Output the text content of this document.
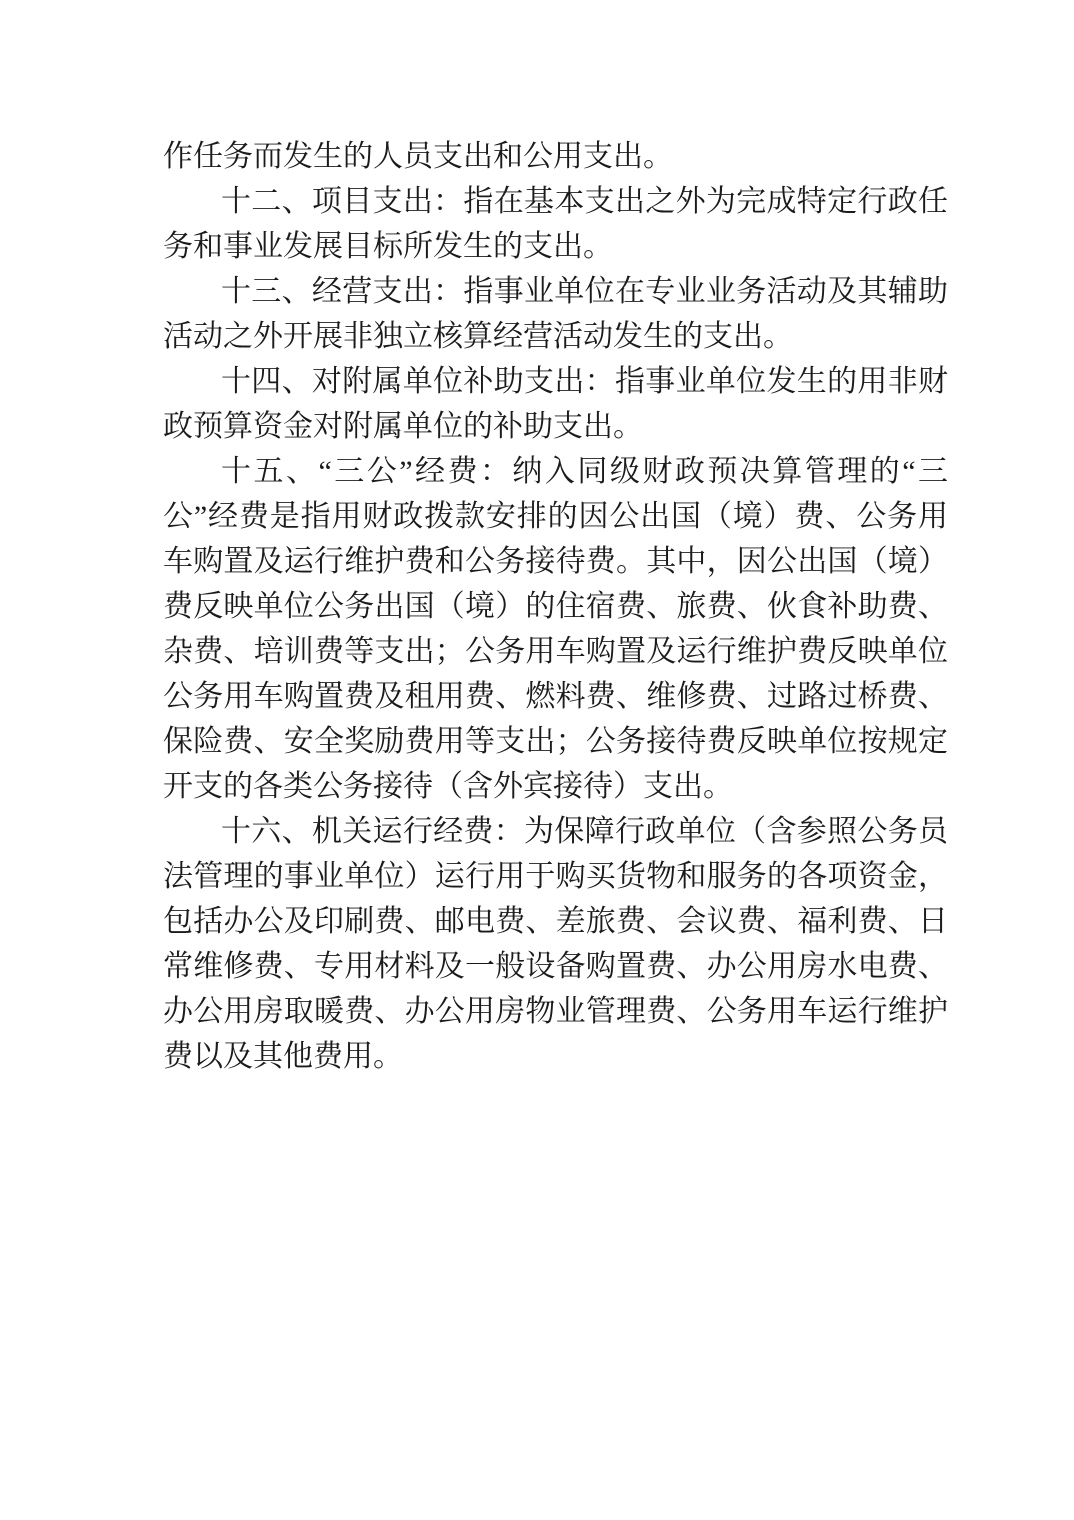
作任务而发生的人员支出和公用支出。
十二、项目支出：指在基本支出之外为完成特定行政任
务和事业发展目标所发生的支出。
十三、经营支出：指事业单位在专业业务活动及其辅助
活动之外开展非独立核算经营活动发生的支出。
十四、对附属单位补助支出：指事业单位发生的用非财
政预算资金对附属单位的补助支出。
十五、“三公”经费：纳入同级财政预决算管理的“三
公”经费是指用财政拨款安排的因公出国（境）费、公务用
车购置及运行维护费和公务接待费。其中，因公出国（境）
费反映单位公务出国（境）的住宿费、旅费、伙食补助费、
杂费、培训费等支出；公务用车购置及运行维护费反映单位
公务用车购置费及租用费、燃料费、维修费、过路过桥费、
保险费、安全奖励费用等支出；公务接待费反映单位按规定
开支的各类公务接待（含外宾接待）支出。
十六、机关运行经费：为保障行政单位（含参照公务员
法管理的事业单位）运行用于购买货物和服务的各项资金，
包括办公及印刷费、邮电费、差旅费、会议费、福利费、日
常维修费、专用材料及一般设备购置费、办公用房水电费、
办公用房取暖费、办公用房物业管理费、公务用车运行维护
费以及其他费用。
